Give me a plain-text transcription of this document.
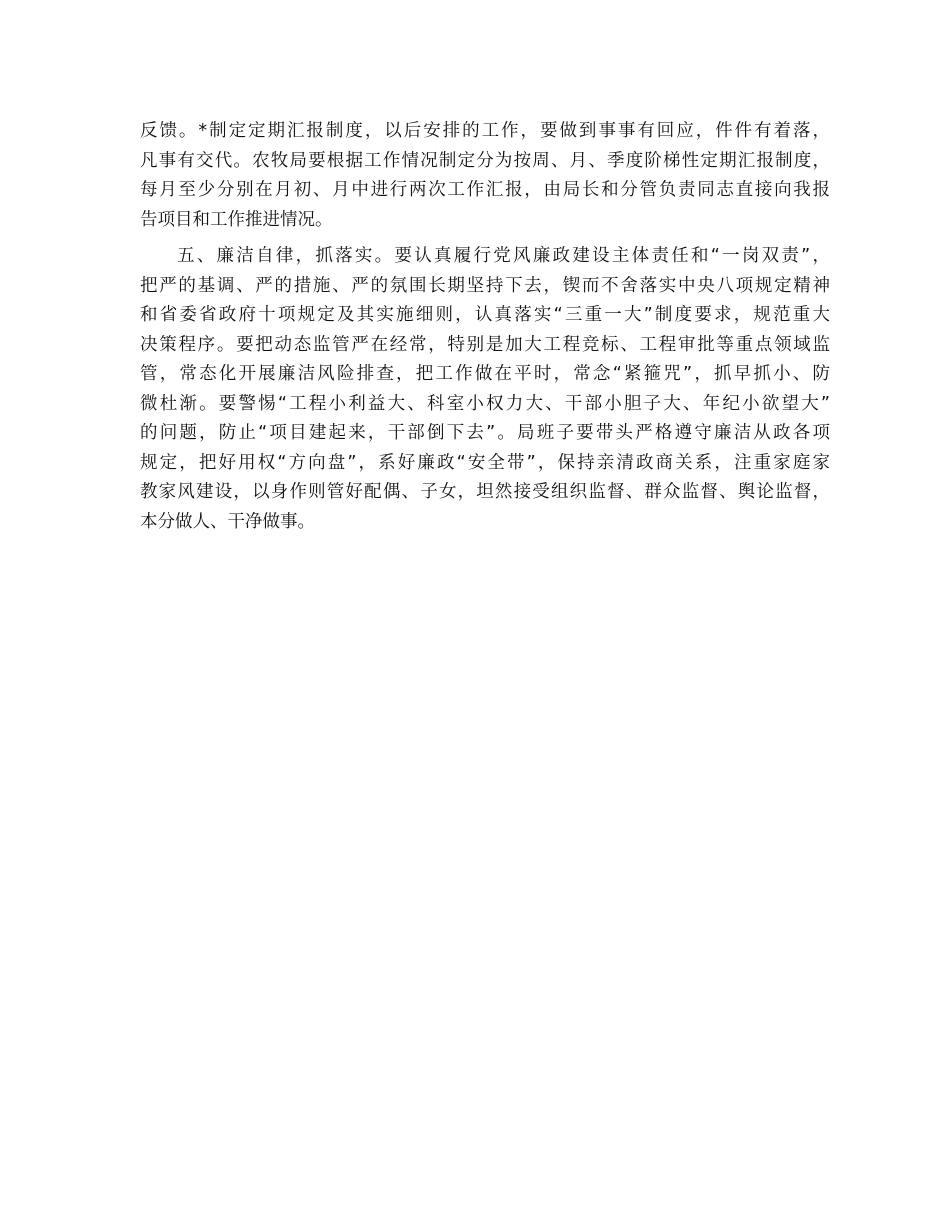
反馈。*制定定期汇报制度，以后安排的工作，要做到事事有回应，件件有着落，
凡事有交代。农牧局要根据工作情况制定分为按周、月、季度阶梯性定期汇报制度，
每月至少分别在月初、月中进行两次工作汇报，由局长和分管负责同志直接向我报
告项目和工作推进情况。
五、廉洁自律，抓落实。要认真履行党风廉政建设主体责任和“一岗双责”，
把严的基调、严的措施、严的氛围长期坚持下去，锲而不舍落实中央八项规定精神
和省委省政府十项规定及其实施细则，认真落实“三重一大”制度要求，规范重大
决策程序。要把动态监管严在经常，特别是加大工程竞标、工程审批等重点领域监
管，常态化开展廉洁风险排查，把工作做在平时，常念“紧箍咒”，抓早抓小、防
微杜渐。要警惕“工程小利益大、科室小权力大、干部小胆子大、年纪小欲望大”
的问题，防止“项目建起来，干部倒下去”。局班子要带头严格遵守廉洁从政各项
规定，把好用权“方向盘”，系好廉政“安全带”，保持亲清政商关系，注重家庭家
教家风建设，以身作则管好配偶、子女，坦然接受组织监督、群众监督、舆论监督，
本分做人、干净做事。
